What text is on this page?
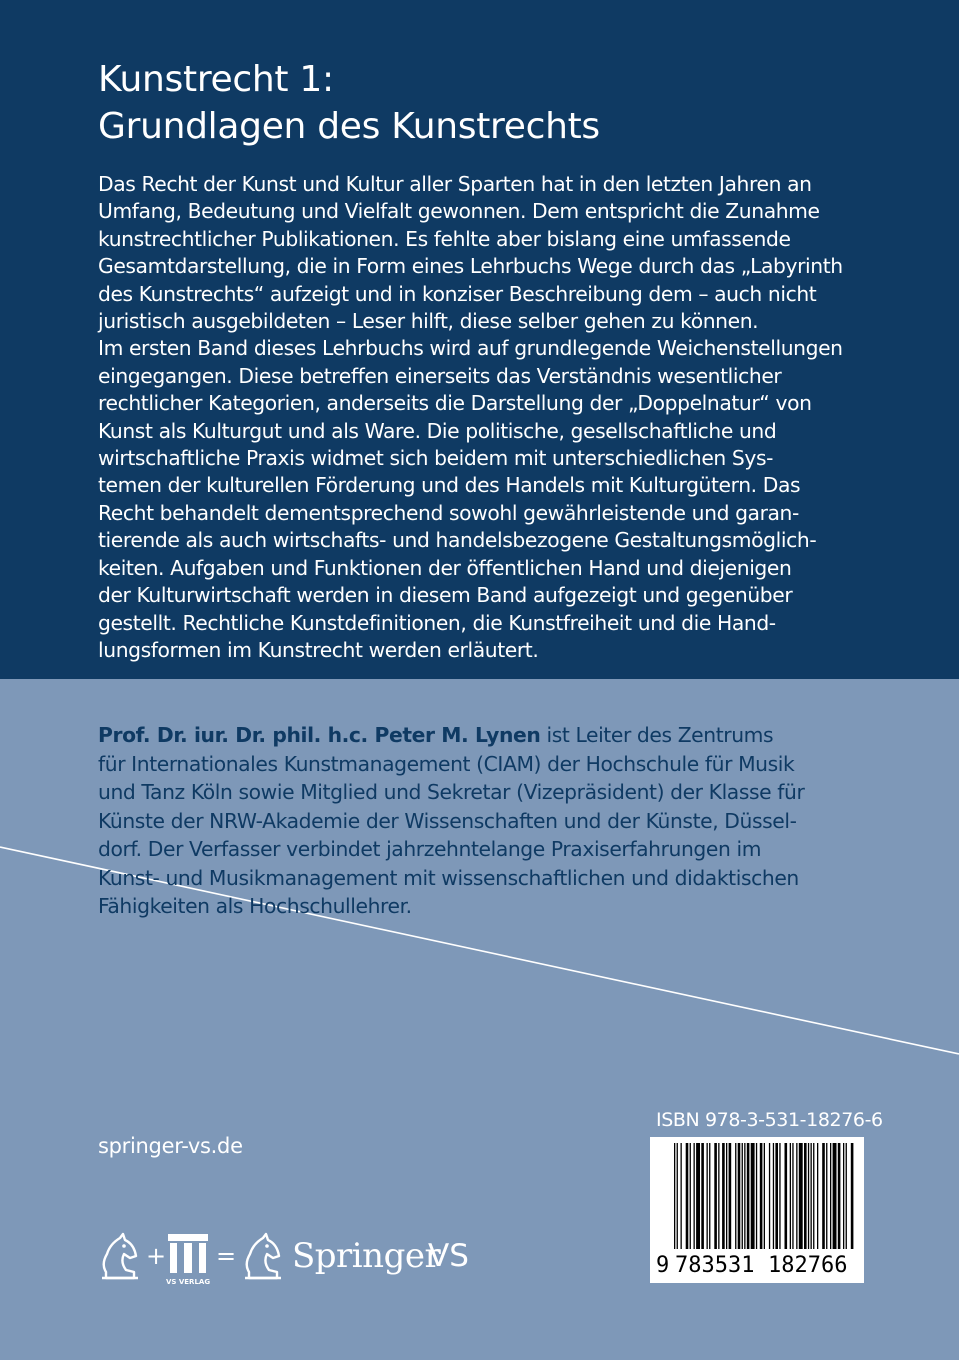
Kunstrecht 1:
Grundlagen des Kunstrechts
Das Recht der Kunst und Kultur aller Sparten hat in den letzten Jahren an
Umfang, Bedeutung und Vielfalt gewonnen. Dem entspricht die Zunahme
kunstrechtlicher Publikationen. Es fehlte aber bislang eine umfassende
Gesamtdarstellung, die in Form eines Lehrbuchs Wege durch das „Labyrinth
des Kunstrechts“ aufzeigt und in konziser Beschreibung dem – auch nicht
juristisch ausgebildeten – Leser hilft, diese selber gehen zu können.
Im ersten Band dieses Lehrbuchs wird auf grundlegende Weichenstellungen
eingegangen. Diese betreffen einerseits das Verständnis wesentlicher
rechtlicher Kategorien, anderseits die Darstellung der „Doppelnatur“ von
Kunst als Kulturgut und als Ware. Die politische, gesellschaftliche und
wirtschaftliche Praxis widmet sich beidem mit unterschiedlichen Sys-
temen der kulturellen Förderung und des Handels mit Kulturgütern. Das
Recht behandelt dementsprechend sowohl gewährleistende und garan-
tierende als auch wirtschafts- und handelsbezogene Gestaltungsmöglich-
keiten. Aufgaben und Funktionen der öffentlichen Hand und diejenigen
der Kulturwirtschaft werden in diesem Band aufgezeigt und gegenüber
gestellt. Rechtliche Kunstdefinitionen, die Kunstfreiheit und die Hand-
lungsformen im Kunstrecht werden erläutert.
Prof. Dr. iur. Dr. phil. h.c. Peter M. Lynen ist Leiter des Zentrums
für Internationales Kunstmanagement (CIAM) der Hochschule für Musik
und Tanz Köln sowie Mitglied und Sekretar (Vizepräsident) der Klasse für
Künste der NRW-Akademie der Wissenschaften und der Künste, Düssel-
dorf. Der Verfasser verbindet jahrzehntelange Praxiserfahrungen im
Kunst- und Musikmanagement mit wissenschaftlichen und didaktischen
Fähigkeiten als Hochschullehrer.
springer-vs.de
ISBN 978-3-531-18276-6
9 783531 182766
+
VS VERLAG
= Springer
VS
